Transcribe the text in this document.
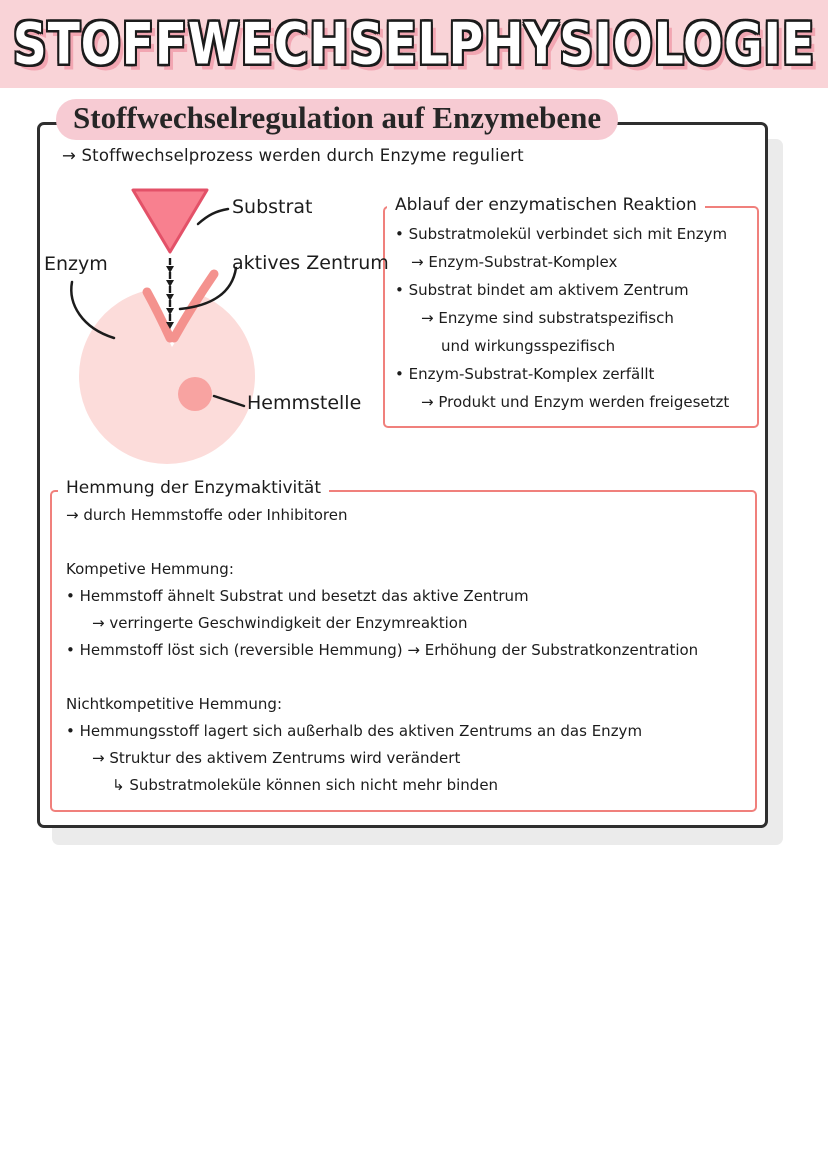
STOFFWECHSELPHYSIOLOGIE
Stoffwechselregulation auf Enzymebene
→ Stoffwechselprozess werden durch Enzyme reguliert
Substrat
Enzym	aktives Zentrum
Hemmstelle
Ablauf der enzymatischen Reaktion
• Substratmolekül verbindet sich mit Enzym
→ Enzym-Substrat-Komplex
• Substrat bindet am aktivem Zentrum
→ Enzyme sind substratspezifisch
und wirkungsspezifisch
• Enzym-Substrat-Komplex zerfällt
→ Produkt und Enzym werden freigesetzt
Hemmung der Enzymaktivität
→ durch Hemmstoffe oder Inhibitoren
Kompetive Hemmung:
• Hemmstoff ähnelt Substrat und besetzt das aktive Zentrum
→ verringerte Geschwindigkeit der Enzymreaktion
• Hemmstoff löst sich (reversible Hemmung) → Erhöhung der Substratkonzentration
Nichtkompetitive Hemmung:
• Hemmungsstoff lagert sich außerhalb des aktiven Zentrums an das Enzym
→ Struktur des aktivem Zentrums wird verändert
↳ Substratmoleküle können sich nicht mehr binden
